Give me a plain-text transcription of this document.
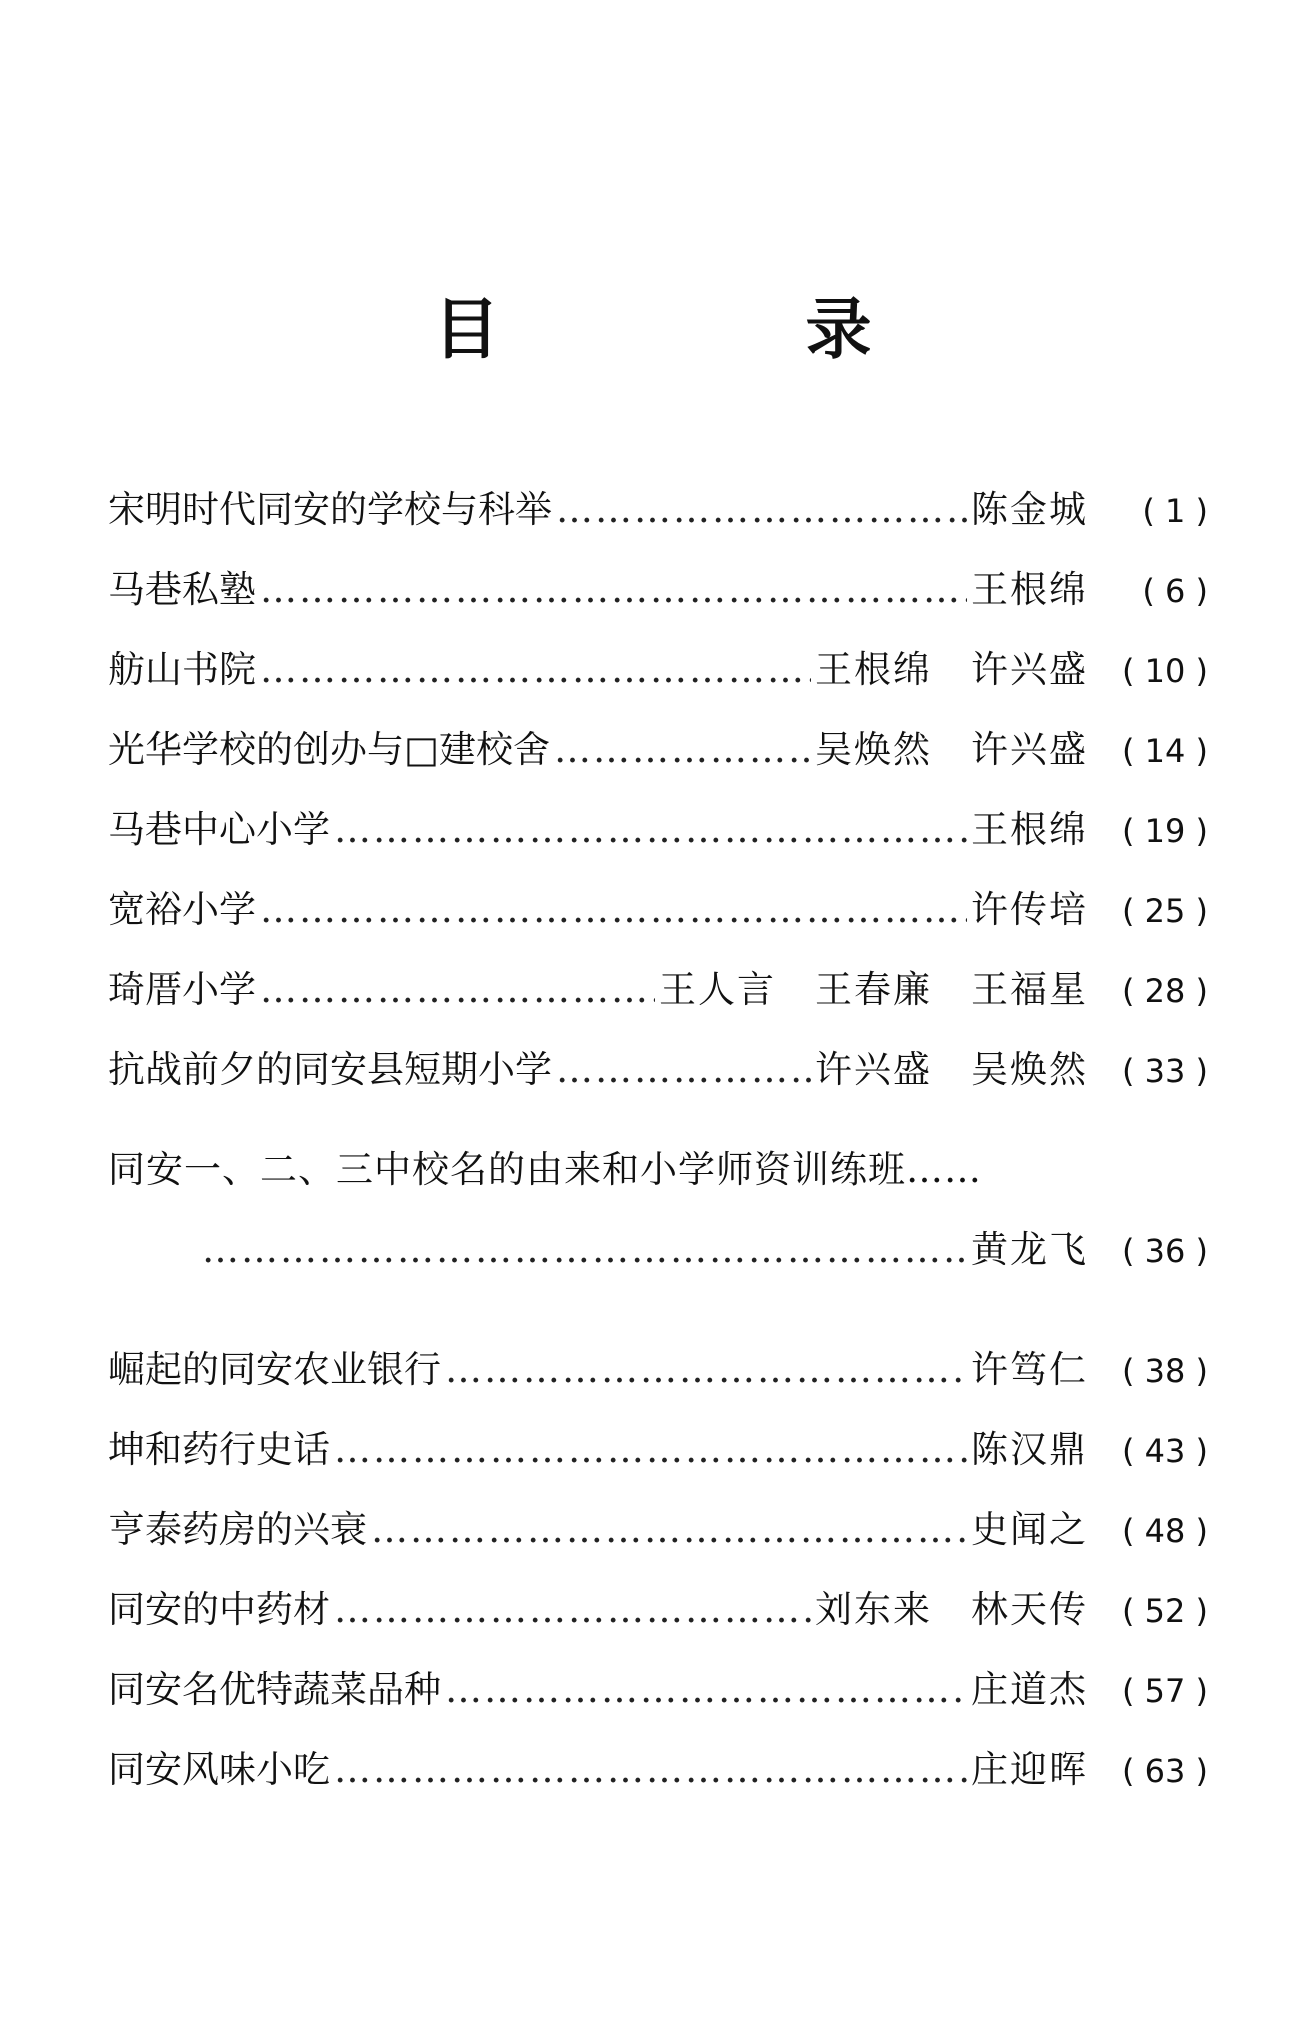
目　录
宋明时代同安的学校与科举 ………………………………………………………………………………………………………………………………	陈金城	( 1 )
马巷私塾 ………………………………………………………………………………………………………………………………	王根绵	( 6 )
舫山书院 ………………………………………………………………………………………………………………………………	王根绵　许兴盛	( 10 )
光华学校的创办与□建校舍 ………………………………………………………………………………………………………………………………	吴焕然　许兴盛	( 14 )
马巷中心小学 ………………………………………………………………………………………………………………………………	王根绵	( 19 )
宽裕小学 ………………………………………………………………………………………………………………………………	许传培	( 25 )
琦厝小学 ………………………………………………………………………………………………………………………………	王人言　王春廉　王福星	( 28 )
抗战前夕的同安县短期小学 ………………………………………………………………………………………………………………………………	许兴盛　吴焕然	( 33 )
同安一、二、三中校名的由来和小学师资训练班……
………………………………………………………………………………………………………………………………
黄龙飞	( 36 )
崛起的同安农业银行 ………………………………………………………………………………………………………………………………	许笃仁	( 38 )
坤和药行史话 ………………………………………………………………………………………………………………………………	陈汉鼎	( 43 )
亨泰药房的兴衰 ………………………………………………………………………………………………………………………………	史闻之	( 48 )
同安的中药材 ………………………………………………………………………………………………………………………………	刘东来　林天传	( 52 )
同安名优特蔬菜品种 ………………………………………………………………………………………………………………………………	庄道杰	( 57 )
同安风味小吃 ………………………………………………………………………………………………………………………………	庄迎晖	( 63 )
